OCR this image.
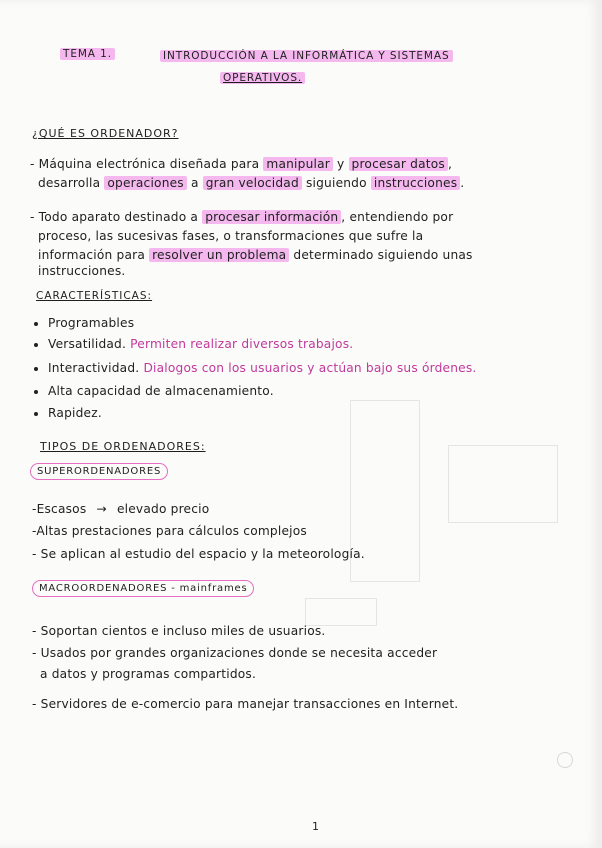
TEMA 1.	INTRODUCCIÓN A LA INFORMÁTICA Y SISTEMAS
OPERATIVOS.
¿QUÉ ES ORDENADOR?
- Máquina electrónica diseñada para manipular y procesar datos ,
desarrolla operaciones a gran velocidad siguiendo instrucciones .
- Todo aparato destinado a procesar información , entendiendo por
proceso, las sucesivas fases, o transformaciones que sufre la
información para resolver un problema determinado siguiendo unas
instrucciones.
CARACTERÍSTICAS:
Programables
Versatilidad. Permiten realizar diversos trabajos.
Interactividad. Dialogos con los usuarios y actúan bajo sus órdenes.
Alta capacidad de almacenamiento.
Rapidez.
TIPOS DE ORDENADORES:
SUPERORDENADORES
-Escasos → elevado precio
-Altas prestaciones para cálculos complejos
- Se aplican al estudio del espacio y la meteorología.
MACROORDENADORES - mainframes
- Soportan cientos e incluso miles de usuarios.
- Usados por grandes organizaciones donde se necesita acceder
a datos y programas compartidos.
- Servidores de e-comercio para manejar transacciones en Internet.
1
